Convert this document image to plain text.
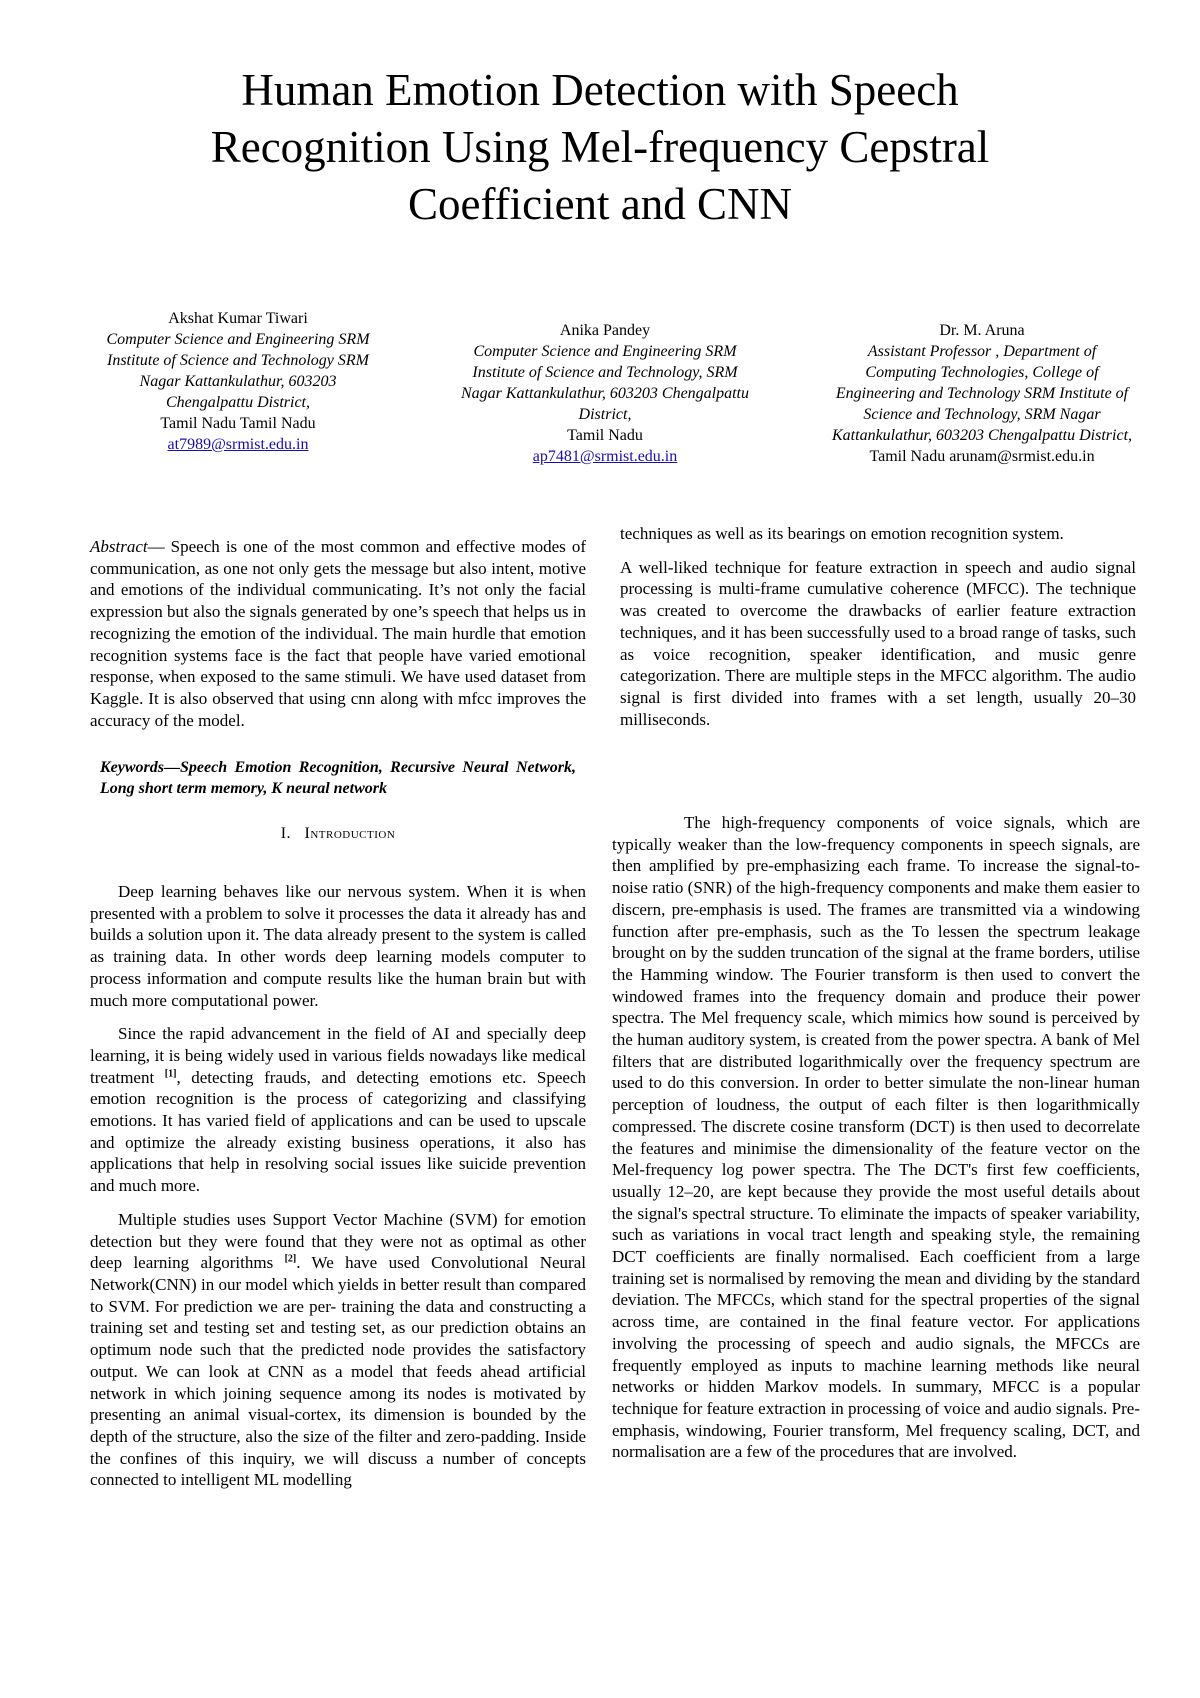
Human Emotion Detection with Speech Recognition Using Mel-frequency Cepstral Coefficient and CNN
Akshat Kumar Tiwari
Computer Science and Engineering SRM Institute of Science and Technology SRM Nagar Kattankulathur, 603203 Chengalpattu District,
Tamil Nadu Tamil Nadu at7989@srmist.edu.in
Anika Pandey
Computer Science and Engineering SRM Institute of Science and Technology, SRM Nagar Kattankulathur, 603203 Chengalpattu District,
Tamil Nadu
ap7481@srmist.edu.in
Dr. M. Aruna
Assistant Professor , Department of Computing Technologies, College of Engineering and Technology SRM Institute of Science and Technology, SRM Nagar Kattankulathur, 603203 Chengalpattu District,
Tamil Nadu arunam@srmist.edu.in

Abstract— Speech is one of the most common and effective modes of communication, as one not only gets the message but also intent, motive and emotions of the individual communicating. It’s not only the facial expression but also the signals generated by one’s speech that helps us in recognizing the emotion of the individual. The main hurdle that emotion recognition systems face is the fact that people have varied emotional response, when exposed to the same stimuli. We have used dataset from Kaggle. It is also observed that using cnn along with mfcc improves the accuracy of the model.

Keywords—Speech Emotion Recognition, Recursive Neural Network, Long short term memory, K neural network

I. Introduction

Deep learning behaves like our nervous system. When it is when presented with a problem to solve it processes the data it already has and builds a solution upon it. The data already present to the system is called as training data. In other words deep learning models computer to process information and compute results like the human brain but with much more computational power.

Since the rapid advancement in the field of AI and specially deep learning, it is being widely used in various fields nowadays like medical treatment [1], detecting frauds, and detecting emotions etc. Speech emotion recognition is the process of categorizing and classifying emotions. It has varied field of applications and can be used to upscale and optimize the already existing business operations, it also has applications that help in resolving social issues like suicide prevention and much more.

Multiple studies uses Support Vector Machine (SVM) for emotion detection but they were found that they were not as optimal as other deep learning algorithms [2]. We have used Convolutional Neural Network(CNN) in our model which yields in better result than compared to SVM. For prediction we are per- training the data and constructing a training set and testing set and testing set, as our prediction obtains an optimum node such that the predicted node provides the satisfactory output. We can look at CNN as a model that feeds ahead artificial network in which joining sequence among its nodes is motivated by presenting an animal visual-cortex, its dimension is bounded by the depth of the structure, also the size of the filter and zero-padding. Inside the confines of this inquiry, we will discuss a number of concepts connected to intelligent ML modelling

techniques as well as its bearings on emotion recognition system.

A well-liked technique for feature extraction in speech and audio signal processing is multi-frame cumulative coherence (MFCC). The technique was created to overcome the drawbacks of earlier feature extraction techniques, and it has been successfully used to a broad range of tasks, such as voice recognition, speaker identification, and music genre categorization. There are multiple steps in the MFCC algorithm. The audio signal is first divided into frames with a set length, usually 20–30 milliseconds.

The high-frequency components of voice signals, which are typically weaker than the low-frequency components in speech signals, are then amplified by pre-emphasizing each frame. To increase the signal-to-noise ratio (SNR) of the high-frequency components and make them easier to discern, pre-emphasis is used. The frames are transmitted via a windowing function after pre-emphasis, such as the To lessen the spectrum leakage brought on by the sudden truncation of the signal at the frame borders, utilise the Hamming window. The Fourier transform is then used to convert the windowed frames into the frequency domain and produce their power spectra. The Mel frequency scale, which mimics how sound is perceived by the human auditory system, is created from the power spectra. A bank of Mel filters that are distributed logarithmically over the frequency spectrum are used to do this conversion. In order to better simulate the non-linear human perception of loudness, the output of each filter is then logarithmically compressed. The discrete cosine transform (DCT) is then used to decorrelate the features and minimise the dimensionality of the feature vector on the Mel-frequency log power spectra. The The DCT's first few coefficients, usually 12–20, are kept because they provide the most useful details about the signal's spectral structure. To eliminate the impacts of speaker variability, such as variations in vocal tract length and speaking style, the remaining DCT coefficients are finally normalised. Each coefficient from a large training set is normalised by removing the mean and dividing by the standard deviation. The MFCCs, which stand for the spectral properties of the signal across time, are contained in the final feature vector. For applications involving the processing of speech and audio signals, the MFCCs are frequently employed as inputs to machine learning methods like neural networks or hidden Markov models. In summary, MFCC is a popular technique for feature extraction in processing of voice and audio signals. Pre-emphasis, windowing, Fourier transform, Mel frequency scaling, DCT, and normalisation are a few of the procedures that are involved.
